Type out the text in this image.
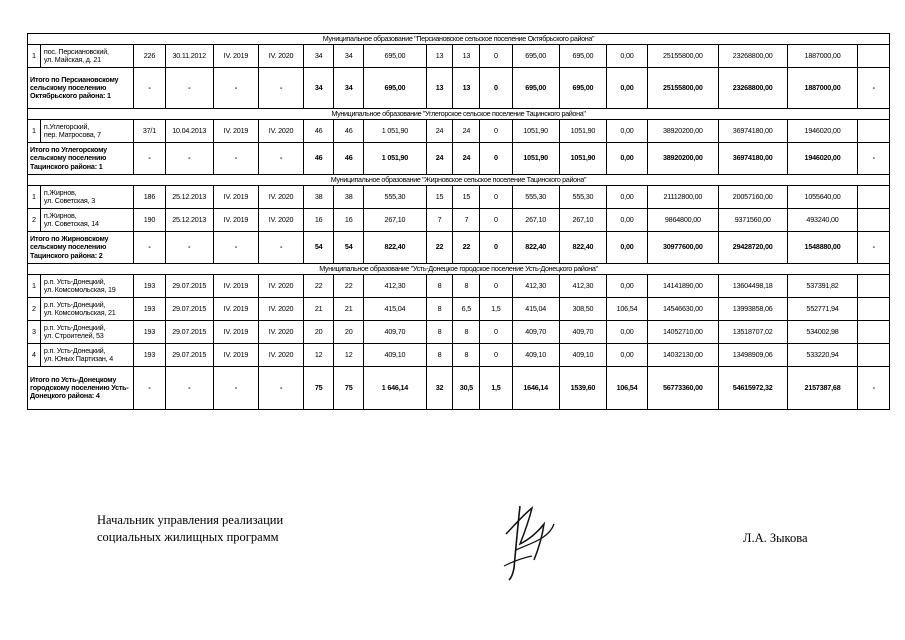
Муниципальное образование "Персиановское сельское поселение Октябрьского района"																		
1	пос. Персиановский,
ул. Майская, д. 21	226	30.11.2012	IV. 2019	IV. 2020	34	34	695,00	13	13	0	695,00	695,00	0,00	25155800,00	23268800,00	1887000,00	
Итого по Персиановскому сельскому поселению Октябрьского района: 1		-	-	-	-	34	34	695,00	13	13	0	695,00	695,00	0,00	25155800,00	23268800,00	1887000,00	-
Муниципальное образование "Углегорское сельское поселение Тацинского района"																		
1	п.Углегорский,
пер. Матросова, 7	37/1	10.04.2013	IV. 2019	IV. 2020	46	46	1 051,90	24	24	0	1051,90	1051,90	0,00	38920200,00	36974180,00	1946020,00	
Итого по Углегорскому сельскому поселению Тацинского района: 1		-	-	-	-	46	46	1 051,90	24	24	0	1051,90	1051,90	0,00	38920200,00	36974180,00	1946020,00	-
Муниципальное образование "Жирновское сельское поселение Тацинского района"																		
1	п.Жирнов,
ул. Советская, 3	186	25.12.2013	IV. 2019	IV. 2020	38	38	555,30	15	15	0	555,30	555,30	0,00	21112800,00	20057160,00	1055640,00	
2	п.Жирнов,
ул. Советская, 14	190	25.12.2013	IV. 2019	IV. 2020	16	16	267,10	7	7	0	267,10	267,10	0,00	9864800,00	9371560,00	493240,00	
Итого по Жирновскому сельскому поселению Тацинского района: 2		-	-	-	-	54	54	822,40	22	22	0	822,40	822,40	0,00	30977600,00	29428720,00	1548880,00	-
Муниципальное образование "Усть-Донецкое городское поселение Усть-Донецкого района"																		
1	р.п. Усть-Донецкий,
ул. Комсомольская, 19	193	29.07.2015	IV. 2019	IV. 2020	22	22	412,30	8	8	0	412,30	412,30	0,00	14141890,00	13604498,18	537391,82	
2	р.п. Усть-Донецкий,
ул. Комсомольская, 21	193	29.07.2015	IV. 2019	IV. 2020	21	21	415,04	8	6,5	1,5	415,04	308,50	106,54	14546630,00	13993858,06	552771,94	
3	р.п. Усть-Донецкий,
ул. Строителей, 53	193	29.07.2015	IV. 2019	IV. 2020	20	20	409,70	8	8	0	409,70	409,70	0,00	14052710,00	13518707,02	534002,98	
4	р.п. Усть-Донецкий,
ул. Юных Партизан, 4	193	29.07.2015	IV. 2019	IV. 2020	12	12	409,10	8	8	0	409,10	409,10	0,00	14032130,00	13498909,06	533220,94	
Итого по Усть-Донецкому городскому поселению Усть-Донецкого района: 4		-	-	-	-	75	75	1 646,14	32	30,5	1,5	1646,14	1539,60	106,54	56773360,00	54615972,32	2157387,68	-
Начальник управления реализации
социальных жилищных программ	Л.А. Зыкова
